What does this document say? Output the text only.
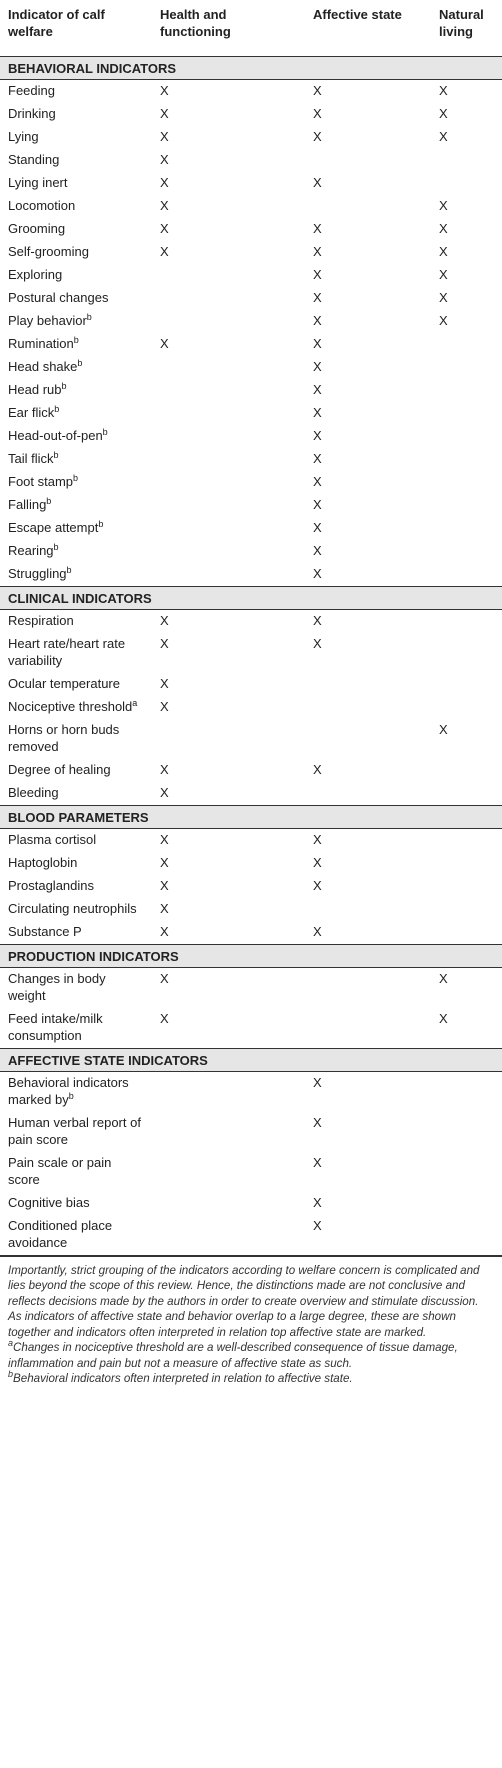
Indicator of calf welfare	Health and functioning	Affective state	Natural living
BEHAVIORAL INDICATORS			
Feeding	X	X	X
Drinking	X	X	X
Lying	X	X	X
Standing	X		
Lying inert	X	X	
Locomotion	X		X
Grooming	X	X	X
Self-grooming	X	X	X
Exploring		X	X
Postural changes		X	X
Play behavior$^b$		X	X
Rumination$^b$	X	X	
Head shake$^b$		X	
Head rub$^b$		X	
Ear flick$^b$		X	
Head-out-of-pen$^b$		X	
Tail flick$^b$		X	
Foot stamp$^b$		X	
Falling$^b$		X	
Escape attempt$^b$		X	
Rearing$^b$		X	
Struggling$^b$		X	
CLINICAL INDICATORS			
Respiration	X	X	
Heart rate/heart rate variability	X	X	
Ocular temperature	X		
Nociceptive threshold$^a$	X		
Horns or horn buds removed			X
Degree of healing	X	X	
Bleeding	X		
BLOOD PARAMETERS			
Plasma cortisol	X	X	
Haptoglobin	X	X	
Prostaglandins	X	X	
Circulating neutrophils	X		
Substance P	X	X	
PRODUCTION INDICATORS			
Changes in body weight	X		X
Feed intake/milk consumption	X		X
AFFECTIVE STATE INDICATORS			
Behavioral indicators marked $by^b$		X	
Human verbal report of pain score		X	
Pain scale or pain score		X	
Cognitive bias		X	
Conditioned place avoidance		X	

Importantly, strict grouping of the indicators according to welfare concern is complicated and lies beyond the scope of this review. Hence, the distinctions made are not conclusive and reflects decisions made by the authors in order to create overview and stimulate discussion. As indicators of affective state and behavior overlap to a large degree, these are shown together and indicators often interpreted in relation top affective state are marked.

$^a$Changes in nociceptive threshold are a well-described consequence of tissue damage, inflammation and pain but not a measure of affective state as such.

$^b$Behavioral indicators often interpreted in relation to affective state.
